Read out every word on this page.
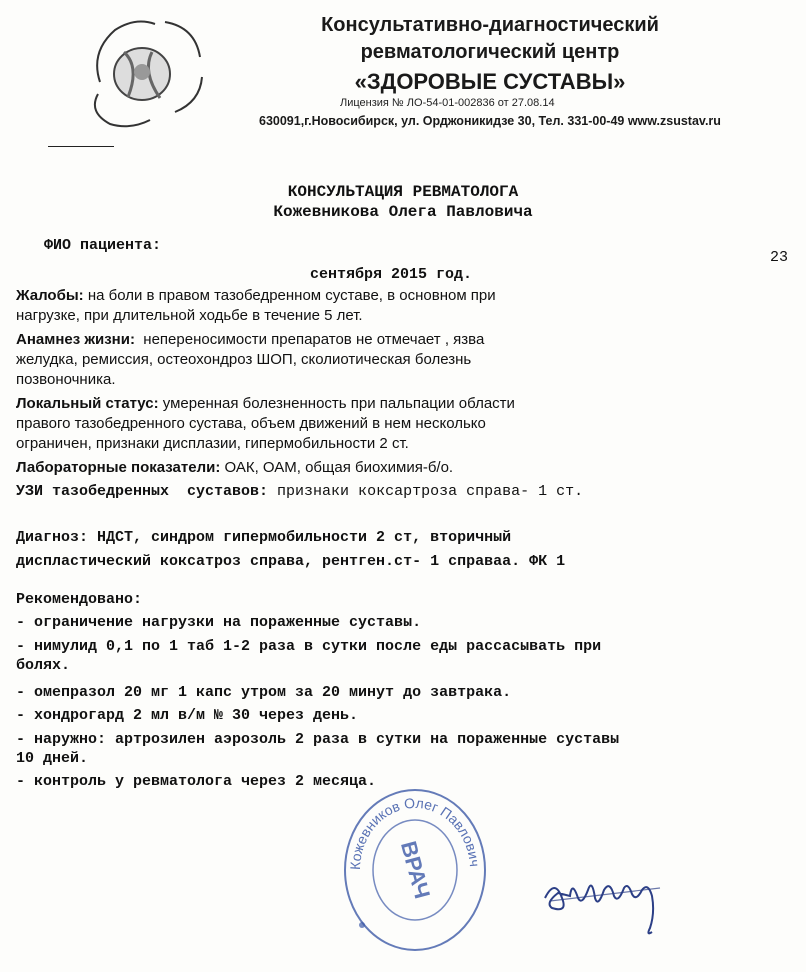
Консультативно-диагностический
ревматологический центр
«ЗДОРОВЫЕ СУСТАВЫ»
Лицензия № ЛО-54-01-002836 от 27.08.14
630091,г.Новосибирск, ул. Орджоникидзе 30, Тел. 331-00-49 www.zsustav.ru
КОНСУЛЬТАЦИЯ РЕВМАТОЛОГА
Кожевникова Олега Павловича
ФИО пациента:
23
сентября 2015 год.
Жалобы: на боли в правом тазобедренном суставе, в основном при
нагрузке, при длительной ходьбе в течение 5 лет.
Анамнез жизни:  непереносимости препаратов не отмечает , язва
желудка, ремиссия, остеохондроз ШОП, сколиотическая болезнь
позвоночника.
Локальный статус: умеренная болезненность при пальпации области
правого тазобедренного сустава, объем движений в нем несколько
ограничен, признаки дисплазии, гипермобильности 2 ст.
Лабораторные показатели: ОАК, ОАМ, общая биохимия-б/о.
УЗИ тазобедренных  суставов: признаки коксартроза справа- 1 ст.
Диагноз: НДСТ, синдром гипермобильности 2 ст, вторичный
диспластический коксатроз справа, рентген.ст- 1 справаа. ФК 1
Рекомендовано:
- ограничение нагрузки на пораженные суставы.
- нимулид 0,1 по 1 таб 1-2 раза в сутки после еды рассасывать при
болях.
- омепразол 20 мг 1 капс утром за 20 минут до завтрака.
- хондрогард 2 мл в/м № 30 через день.
- наружно: артрозилен аэрозоль 2 раза в сутки на пораженные суставы
10 дней.
- контроль у ревматолога через 2 месяца.
Кожевников Олег Павлович
ВРАЧ
